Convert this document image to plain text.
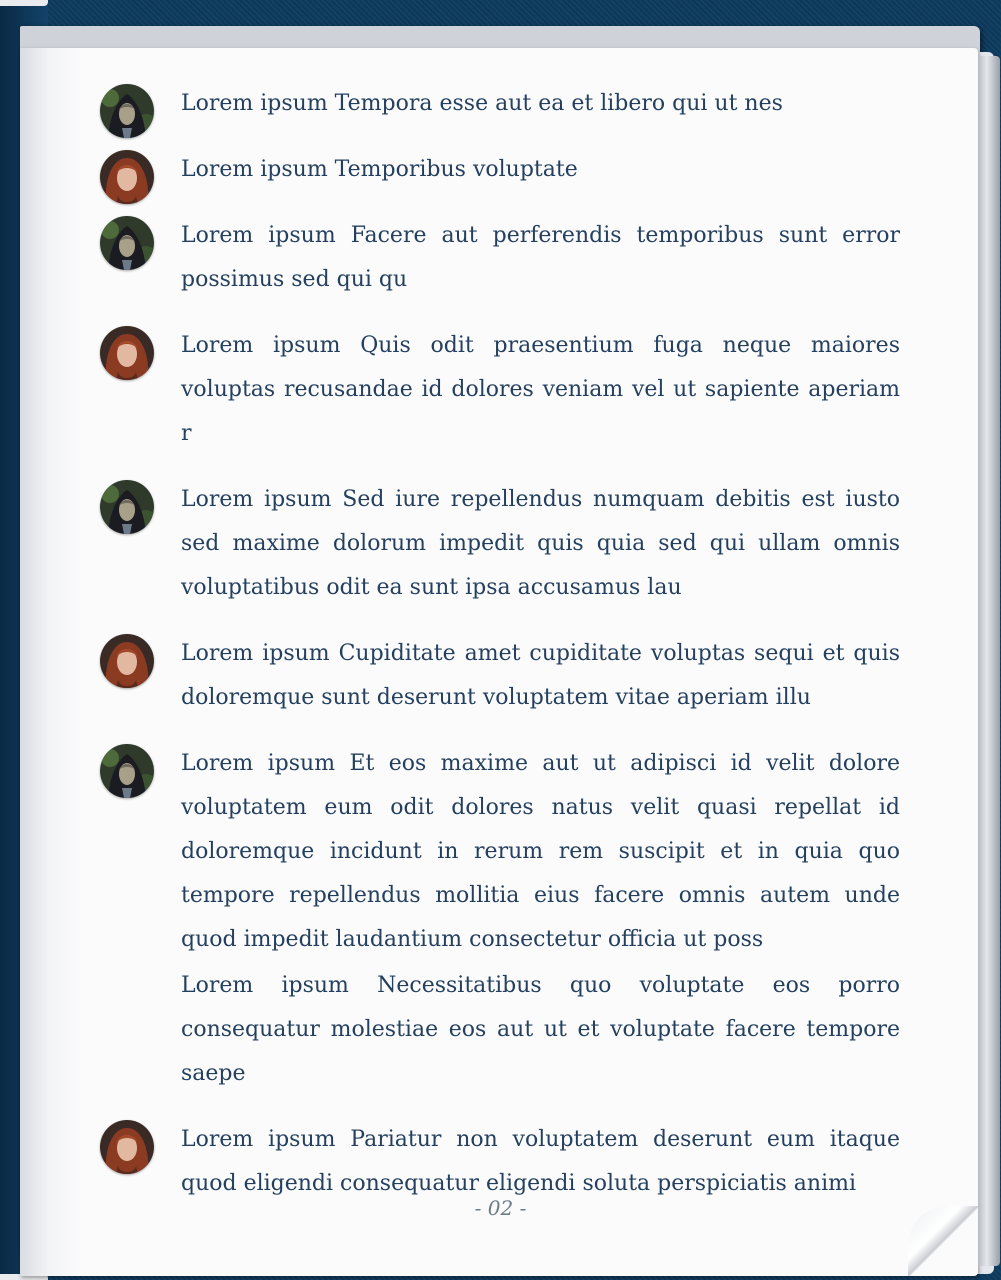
Lorem ipsum Tempora esse aut ea et libero qui ut nes
Lorem ipsum Temporibus voluptate
Lorem ipsum Facere aut perferendis temporibus sunt error possimus sed qui qu
Lorem ipsum Quis odit praesentium fuga neque maiores voluptas recusandae id dolores veniam vel ut sapiente aperiam r
Lorem ipsum Sed iure repellendus numquam debitis est iusto sed maxime dolorum impedit quis quia sed qui ullam omnis voluptatibus odit ea sunt ipsa accusamus lau
Lorem ipsum Cupiditate amet cupiditate voluptas sequi et quis doloremque sunt deserunt voluptatem vitae aperiam illu
Lorem ipsum Et eos maxime aut ut adipisci id velit dolore voluptatem eum odit dolores natus velit quasi repellat id doloremque incidunt in rerum rem suscipit et in quia quo tempore repellendus mollitia eius facere omnis autem unde quod impedit laudantium consectetur officia ut poss
Lorem ipsum Necessitatibus quo voluptate eos porro consequatur molestiae eos aut ut et voluptate facere tempore saepe
Lorem ipsum Pariatur non voluptatem deserunt eum itaque quod eligendi consequatur eligendi soluta perspiciatis animi
- 02 -
